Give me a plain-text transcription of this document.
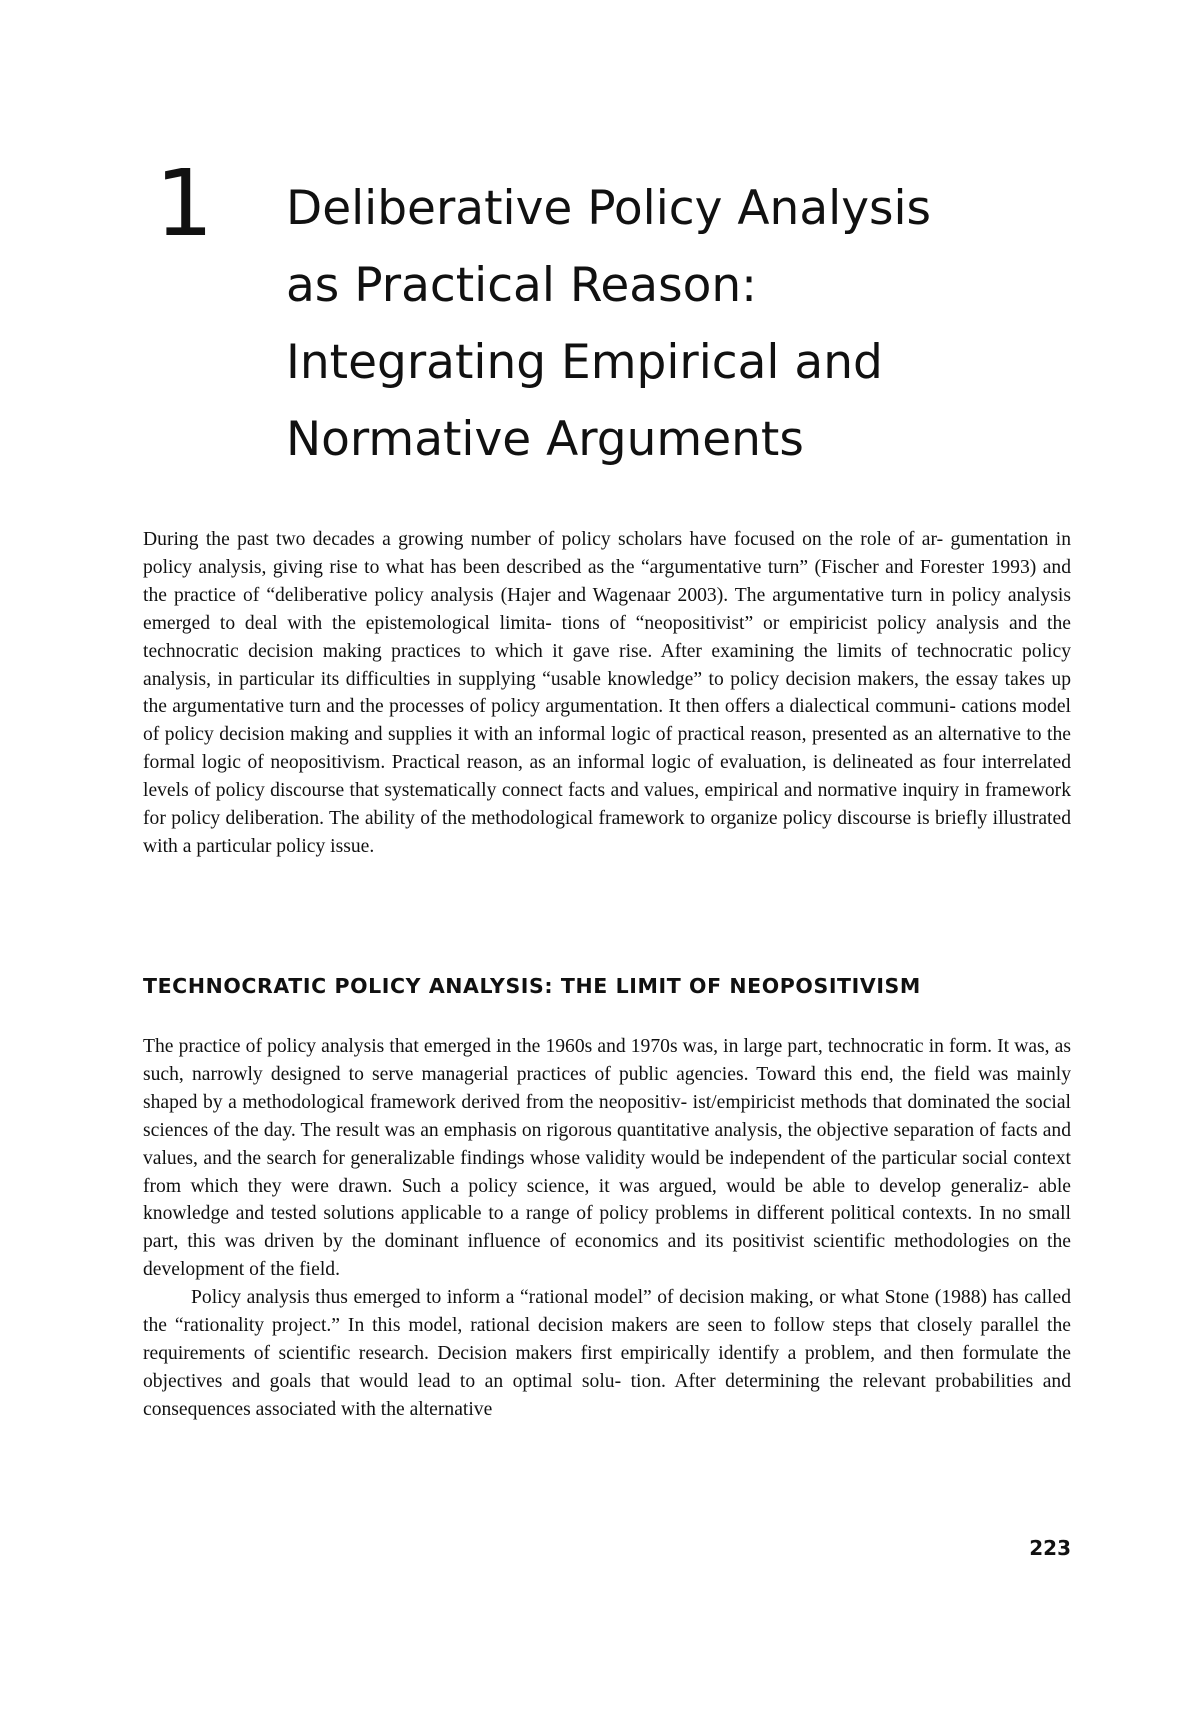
1 Deliberative Policy Analysis
as Practical Reason:
Integrating Empirical and
Normative Arguments

During the past two decades a growing number of policy scholars have focused on the role of ar- gumentation in policy analysis, giving rise to what has been described as the “argumentative turn” (Fischer and Forester 1993) and the practice of “deliberative policy analysis (Hajer and Wagenaar 2003). The argumentative turn in policy analysis emerged to deal with the epistemological limita- tions of “neopositivist” or empiricist policy analysis and the technocratic decision making practices to which it gave rise. After examining the limits of technocratic policy analysis, in particular its difficulties in supplying “usable knowledge” to policy decision makers, the essay takes up the argumentative turn and the processes of policy argumentation. It then offers a dialectical communi- cations model of policy decision making and supplies it with an informal logic of practical reason, presented as an alternative to the formal logic of neopositivism. Practical reason, as an informal logic of evaluation, is delineated as four interrelated levels of policy discourse that systematically connect facts and values, empirical and normative inquiry in framework for policy deliberation. The ability of the methodological framework to organize policy discourse is briefly illustrated with a particular policy issue.

TECHNOCRATIC POLICY ANALYSIS: THE LIMIT OF NEOPOSITIVISM

The practice of policy analysis that emerged in the 1960s and 1970s was, in large part, technocratic in form. It was, as such, narrowly designed to serve managerial practices of public agencies. Toward this end, the field was mainly shaped by a methodological framework derived from the neopositiv- ist/empiricist methods that dominated the social sciences of the day. The result was an emphasis on rigorous quantitative analysis, the objective separation of facts and values, and the search for generalizable findings whose validity would be independent of the particular social context from which they were drawn. Such a policy science, it was argued, would be able to develop generaliz- able knowledge and tested solutions applicable to a range of policy problems in different political contexts. In no small part, this was driven by the dominant influence of economics and its positivist scientific methodologies on the development of the field.

Policy analysis thus emerged to inform a “rational model” of decision making, or what Stone (1988) has called the “rationality project.” In this model, rational decision makers are seen to follow steps that closely parallel the requirements of scientific research. Decision makers first empirically identify a problem, and then formulate the objectives and goals that would lead to an optimal solu- tion. After determining the relevant probabilities and consequences associated with the alternative

223
